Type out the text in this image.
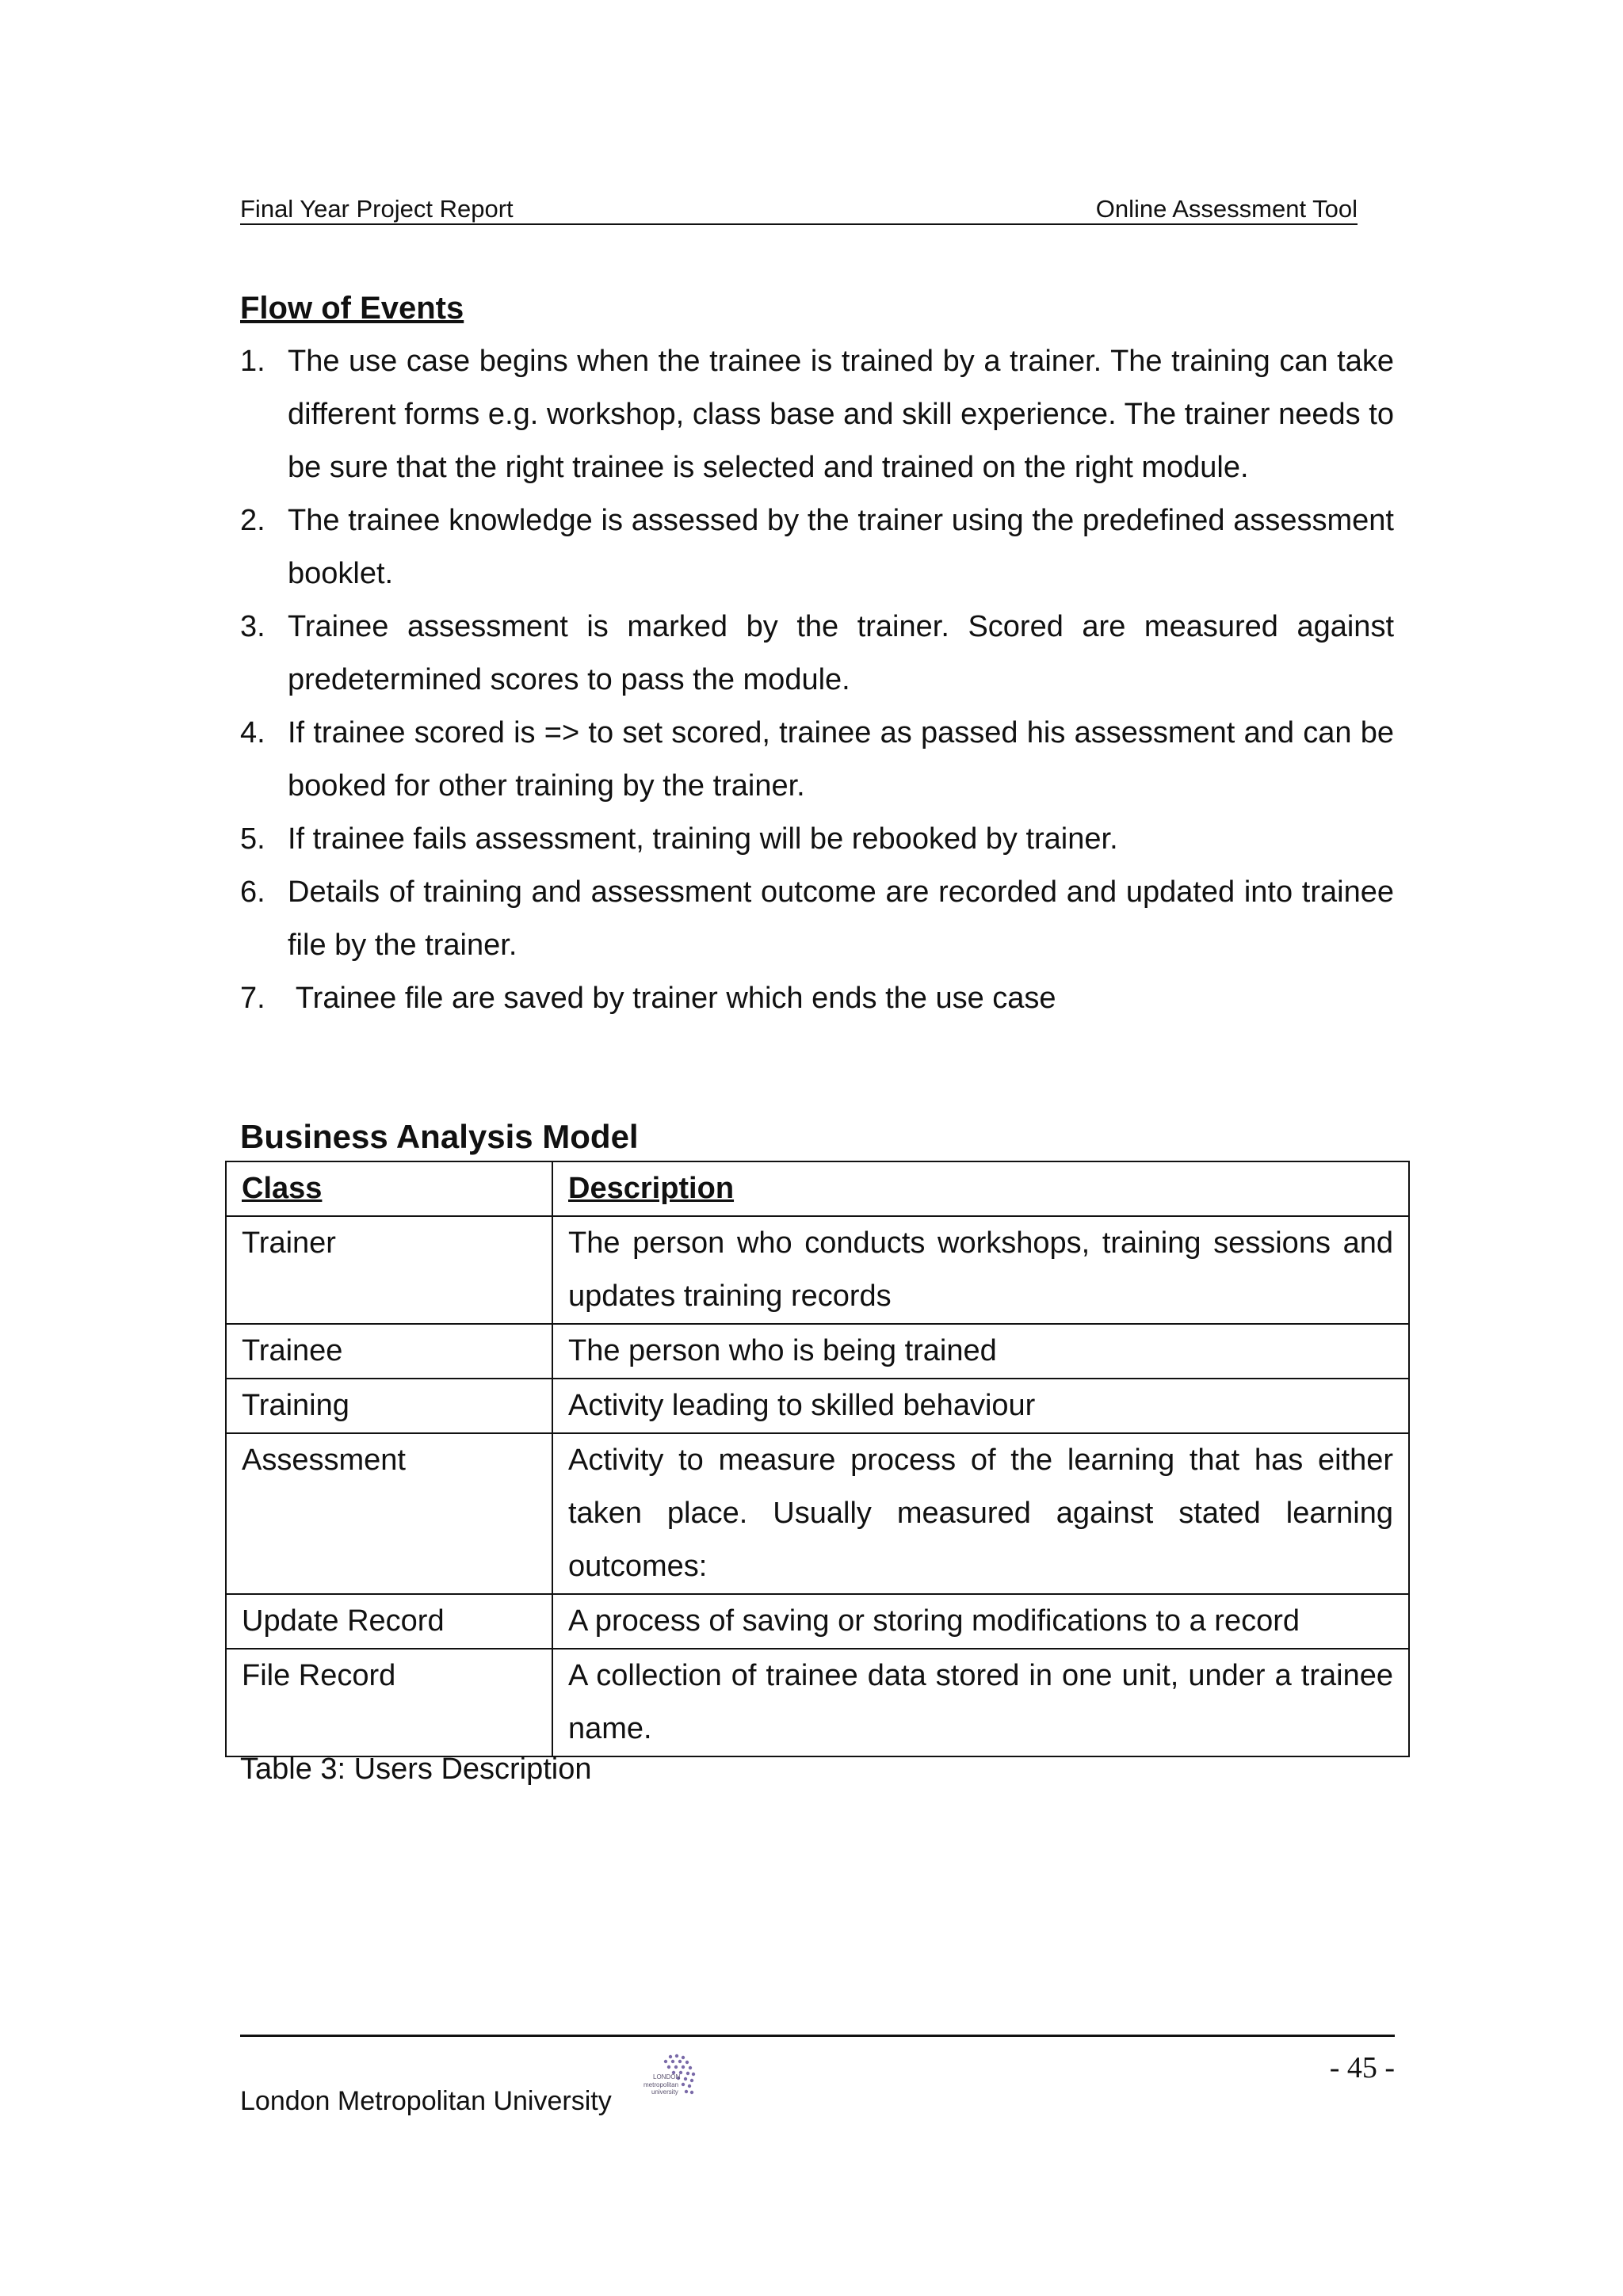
Final Year Project Report	Online Assessment Tool
Flow of Events
1. The use case begins when the trainee is trained by a trainer. The training can take different forms e.g. workshop, class base and skill experience. The trainer needs to be sure that the right trainee is selected and trained on the right module.
2. The trainee knowledge is assessed by the trainer using the predefined assessment booklet.
3. Trainee assessment is marked by the trainer. Scored are measured against predetermined scores to pass the module.
4. If trainee scored is => to set scored, trainee as passed his assessment and can be booked for other training by the trainer.
5. If trainee fails assessment, training will be rebooked by trainer.
6. Details of training and assessment outcome are recorded and updated into trainee file by the trainer.
7. Trainee file are saved by trainer which ends the use case
Business Analysis Model
Class	Description
Trainer	The person who conducts workshops, training sessions and updates training records
Trainee	The person who is being trained
Training	Activity leading to skilled behaviour
Assessment	Activity to measure process of the learning that has either taken place. Usually measured against stated learning outcomes:
Update Record	A process of saving or storing modifications to a record
File Record	A collection of trainee data stored in one unit, under a trainee name.
Table 3: Users Description
- 45 -
London Metropolitan University
LONDON
metropolitan
university
